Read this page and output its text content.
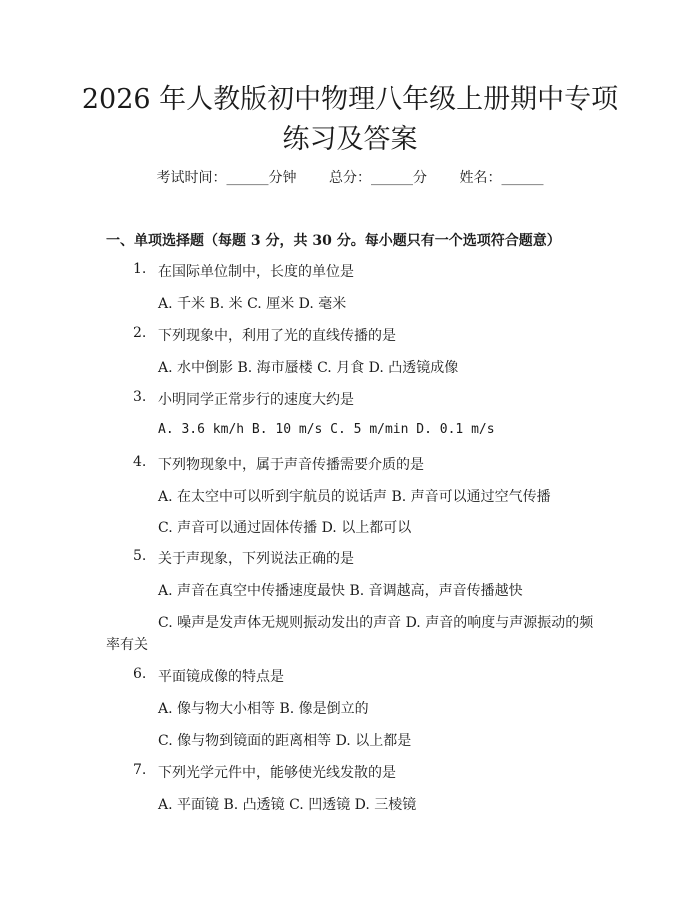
2026 年人教版初中物理八年级上册期中专项
练习及答案
考试时间：______分钟 总分：______分 姓名：______
一、单项选择题（每题 3 分，共 30 分。每小题只有一个选项符合题意）
1. 在国际单位制中，长度的单位是
A. 千米 B. 米 C. 厘米 D. 毫米
2. 下列现象中，利用了光的直线传播的是
A. 水中倒影 B. 海市蜃楼 C. 月食 D. 凸透镜成像
3. 小明同学正常步行的速度大约是
A. 3.6 km/h B. 10 m/s C. 5 m/min D. 0.1 m/s
4. 下列物现象中，属于声音传播需要介质的是
A. 在太空中可以听到宇航员的说话声 B. 声音可以通过空气传播
C. 声音可以通过固体传播 D. 以上都可以
5. 关于声现象，下列说法正确的是
A. 声音在真空中传播速度最快 B. 音调越高，声音传播越快
C. 噪声是发声体无规则振动发出的声音 D. 声音的响度与声源振动的频
率有关
6. 平面镜成像的特点是
A. 像与物大小相等 B. 像是倒立的
C. 像与物到镜面的距离相等 D. 以上都是
7. 下列光学元件中，能够使光线发散的是
A. 平面镜 B. 凸透镜 C. 凹透镜 D. 三棱镜
